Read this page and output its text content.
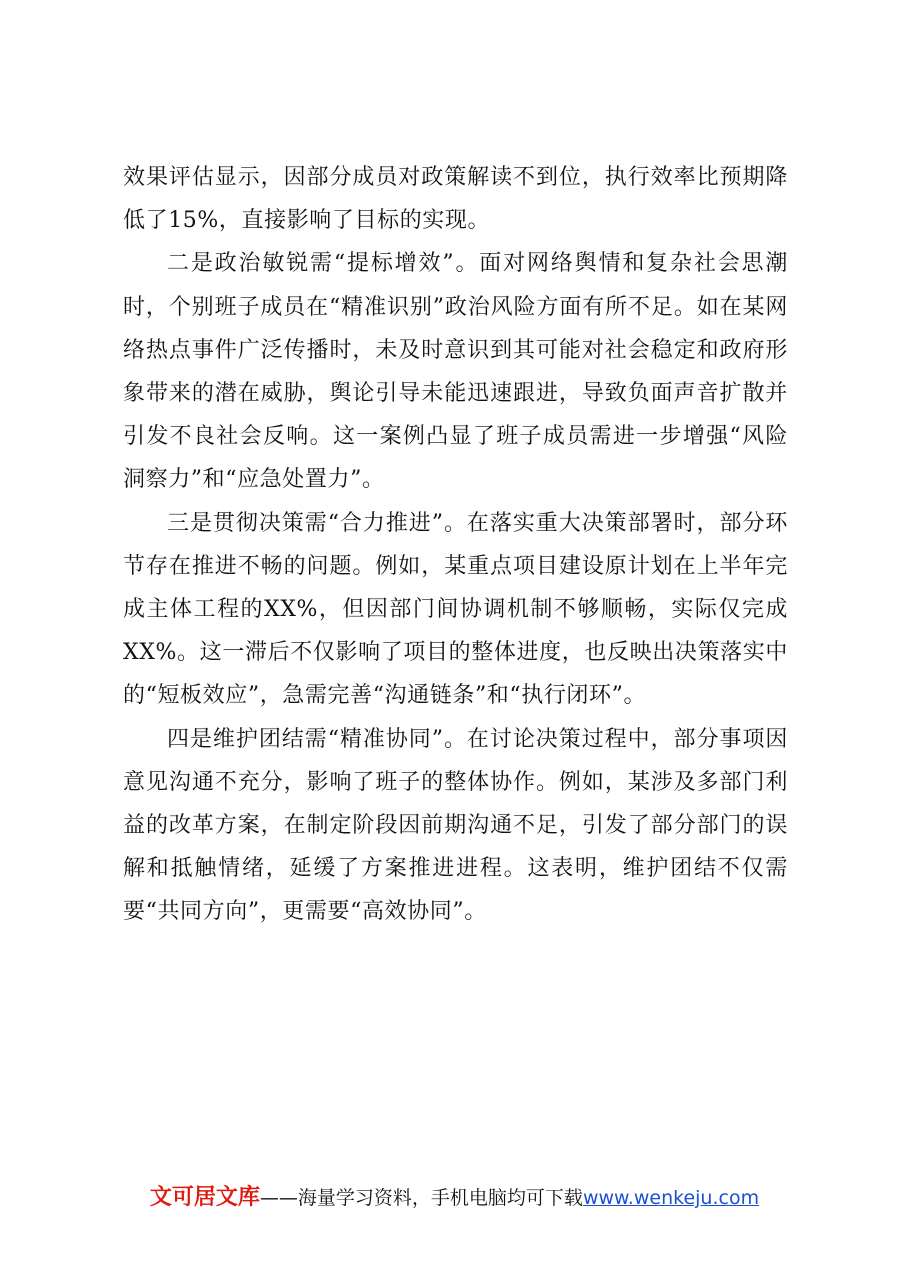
效果评估显示，因部分成员对政策解读不到位，执行效率比预期降低了15%，直接影响了目标的实现。

二是政治敏锐需“提标增效”。面对网络舆情和复杂社会思潮时，个别班子成员在“精准识别”政治风险方面有所不足。如在某网络热点事件广泛传播时，未及时意识到其可能对社会稳定和政府形象带来的潜在威胁，舆论引导未能迅速跟进，导致负面声音扩散并引发不良社会反响。这一案例凸显了班子成员需进一步增强“风险洞察力”和“应急处置力”。

三是贯彻决策需“合力推进”。在落实重大决策部署时，部分环节存在推进不畅的问题。例如，某重点项目建设原计划在上半年完成主体工程的XX%，但因部门间协调机制不够顺畅，实际仅完成XX%。这一滞后不仅影响了项目的整体进度，也反映出决策落实中的“短板效应”，急需完善“沟通链条”和“执行闭环”。

四是维护团结需“精准协同”。在讨论决策过程中，部分事项因意见沟通不充分，影响了班子的整体协作。例如，某涉及多部门利益的改革方案，在制定阶段因前期沟通不足，引发了部分部门的误解和抵触情绪，延缓了方案推进进程。这表明，维护团结不仅需要“共同方向”，更需要“高效协同”。

文可居文库——海量学习资料，手机电脑均可下载www.wenkeju.com
